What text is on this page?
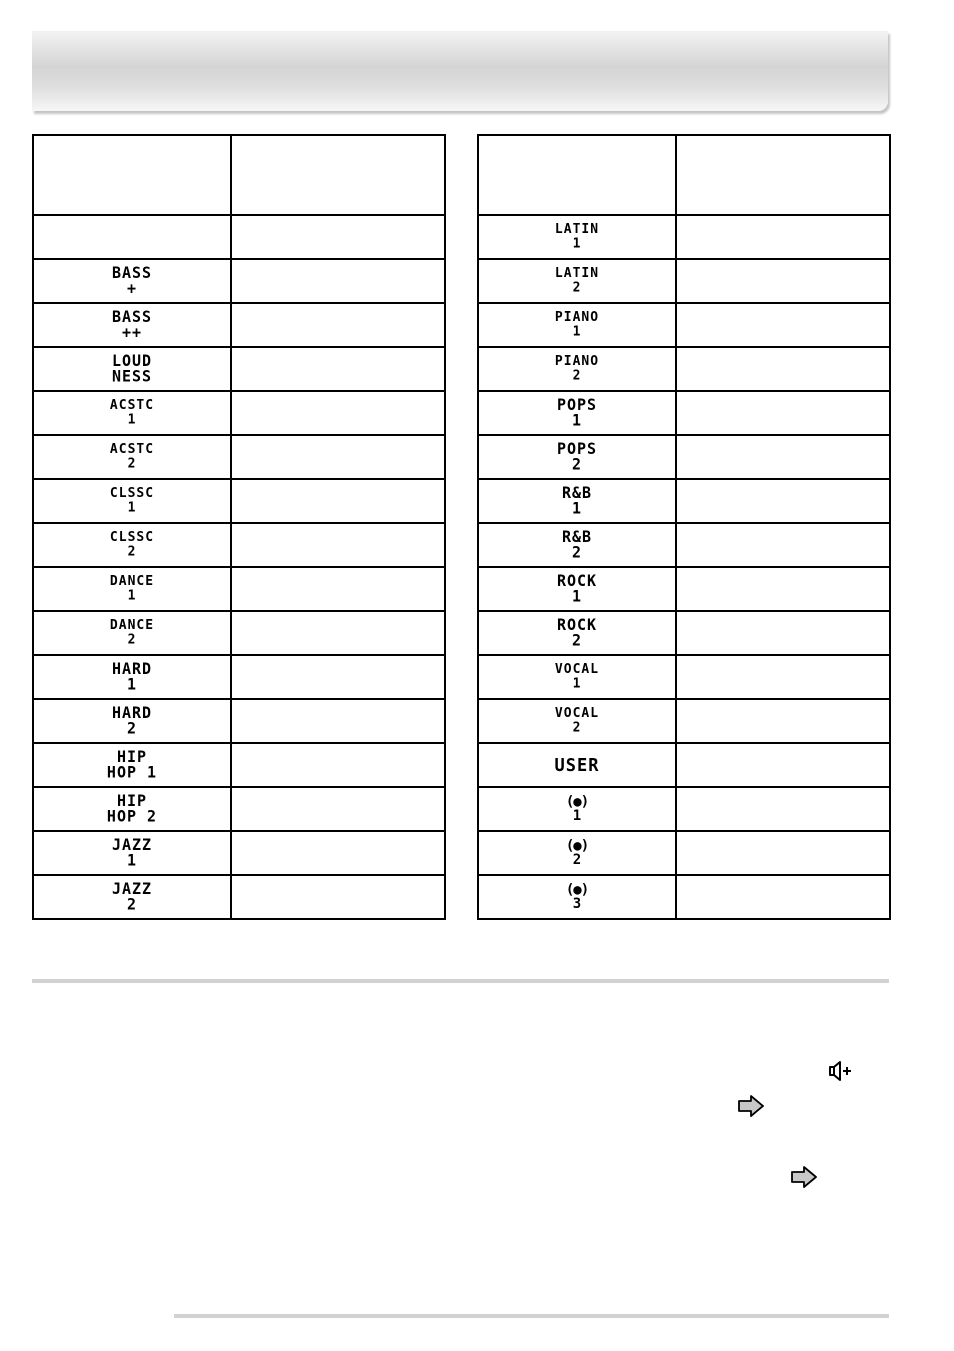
BASS
+	

BASS
++	

LOUD
NESS	

ACSTC
1	

ACSTC
2	

CLSSC
1	

CLSSC
2	

DANCE
1	

DANCE
2	

HARD
1	

HARD
2	

HIP
HOP 1	

HIP
HOP 2	

JAZZ
1	

JAZZ
2	

LATIN
1	

LATIN
2	

PIANO
1	

PIANO
2	

POPS
1	

POPS
2	

R&B
1	

R&B
2	

ROCK
1	

ROCK
2	

VOCAL
1	

VOCAL
2	

USER	

(●)
1	

(●)
2	

(●)
3	
